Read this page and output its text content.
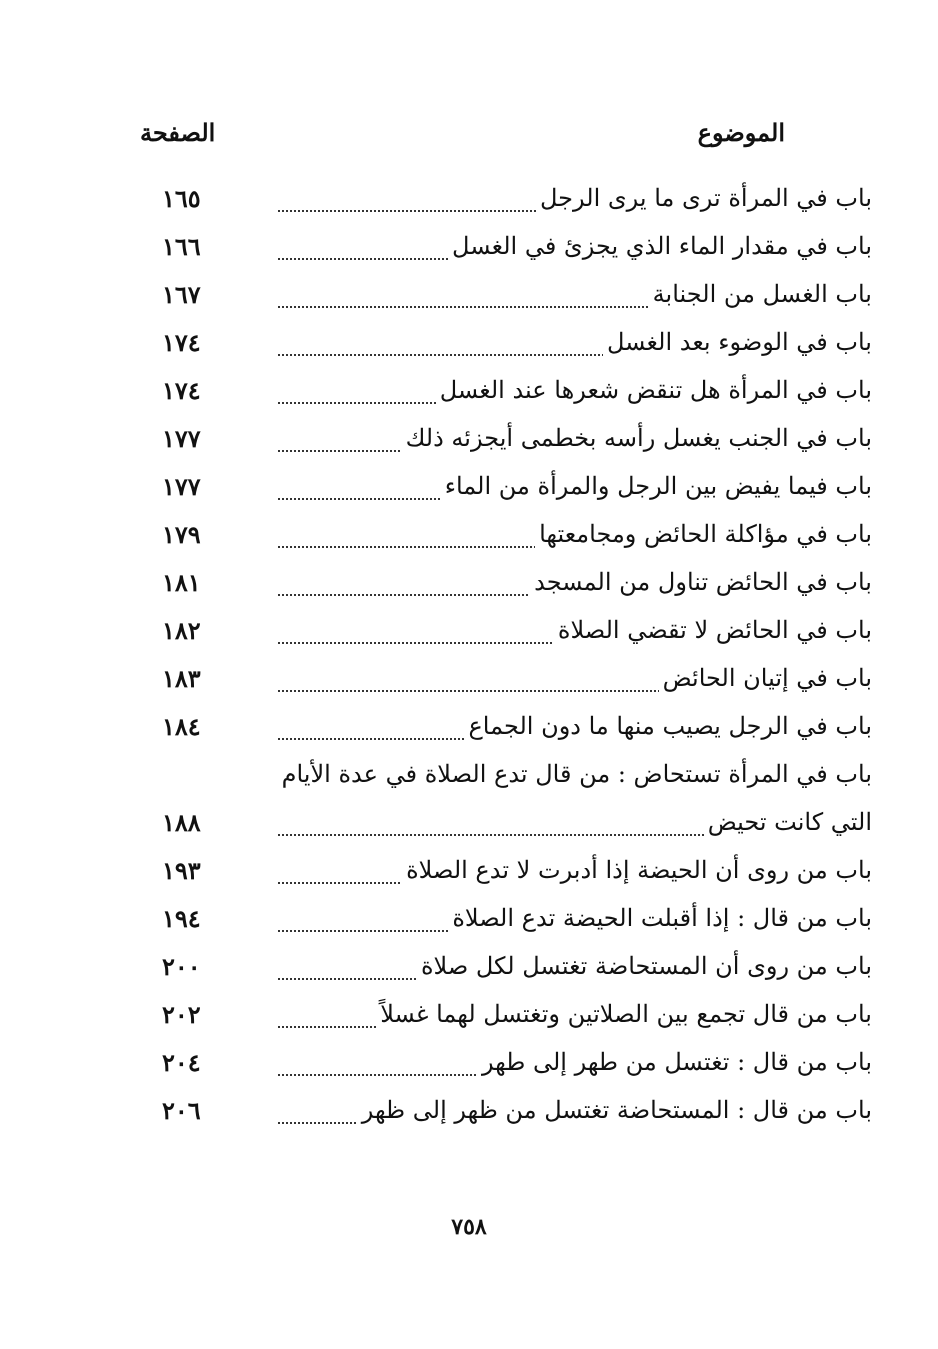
الموضوع
الصفحة
باب في المرأة ترى ما يرى الرجل
١٦٥
باب في مقدار الماء الذي يجزئ في الغسل
١٦٦
باب الغسل من الجنابة
١٦٧
باب في الوضوء بعد الغسل
١٧٤
باب في المرأة هل تنقض شعرها عند الغسل
١٧٤
باب في الجنب يغسل رأسه بخطمى أيجزئه ذلك
١٧٧
باب فيما يفيض بين الرجل والمرأة من الماء
١٧٧
باب في مؤاكلة الحائض ومجامعتها
١٧٩
باب في الحائض تناول من المسجد
١٨١
باب في الحائض لا تقضي الصلاة
١٨٢
باب في إتيان الحائض
١٨٣
باب في الرجل يصيب منها ما دون الجماع
١٨٤
باب في المرأة تستحاض : من قال تدع الصلاة في عدة الأيام
التي كانت تحيض
١٨٨
باب من روى أن الحيضة إذا أدبرت لا تدع الصلاة
١٩٣
باب من قال : إذا أقبلت الحيضة تدع الصلاة
١٩٤
باب من روى أن المستحاضة تغتسل لكل صلاة
٢٠٠
باب من قال تجمع بين الصلاتين وتغتسل لهما غسلاً
٢٠٢
باب من قال : تغتسل من طهر إلى طهر
٢٠٤
باب من قال : المستحاضة تغتسل من ظهر إلى ظهر
٢٠٦
٧٥٨
